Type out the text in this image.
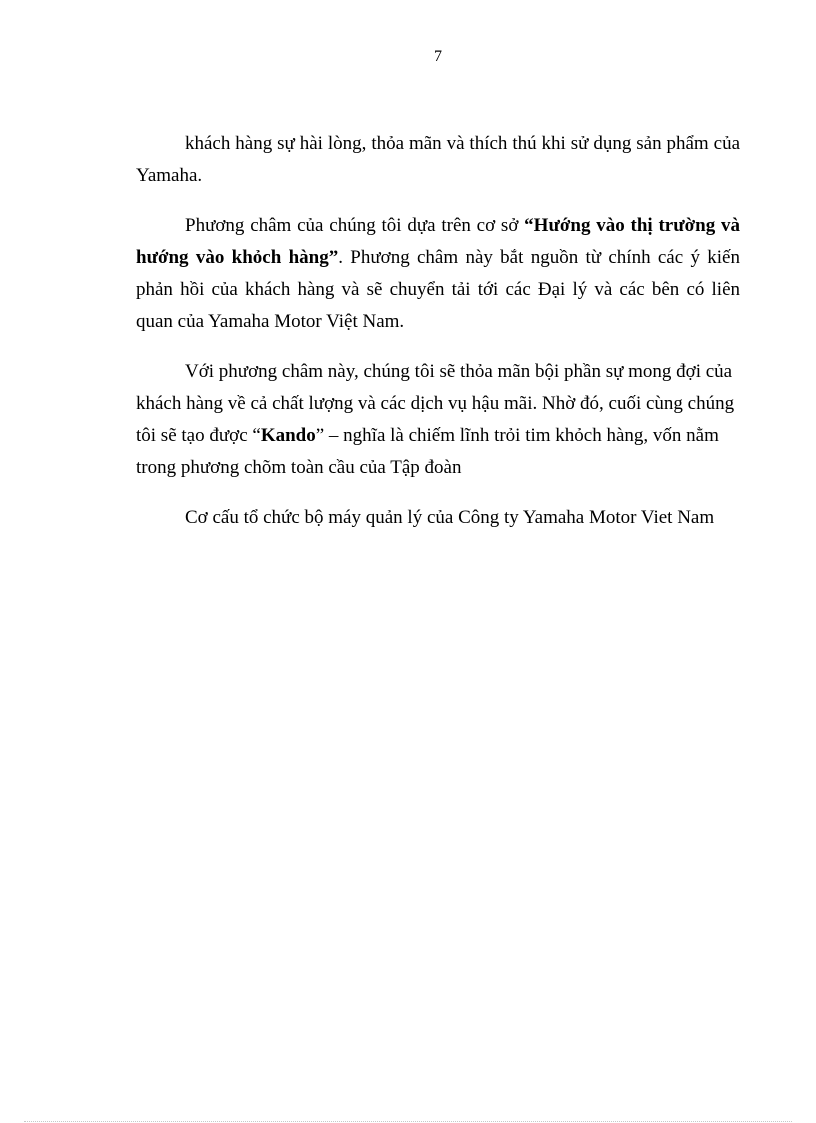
7

khách hàng sự hài lòng, thỏa mãn và thích thú khi sử dụng sản phẩm của Yamaha.

Phương châm của chúng tôi dựa trên cơ sở “Hướng vào thị trường và hướng vào khỏch hàng”. Phương châm này bắt nguồn từ chính các ý kiến phản hồi của khách hàng và sẽ chuyển tải tới các Đại lý và các bên có liên quan của Yamaha Motor Việt Nam.

Với phương châm này, chúng tôi sẽ thỏa mãn bội phần sự mong đợi của khách hàng về cả chất lượng và các dịch vụ hậu mãi. Nhờ đó, cuối cùng chúng tôi sẽ tạo được “Kando” – nghĩa là chiếm lĩnh trỏi tim khỏch hàng, vốn nằm trong phương chõm toàn cầu của Tập đoàn

Cơ cấu tổ chức bộ máy quản lý của Công ty Yamaha Motor Viet Nam
